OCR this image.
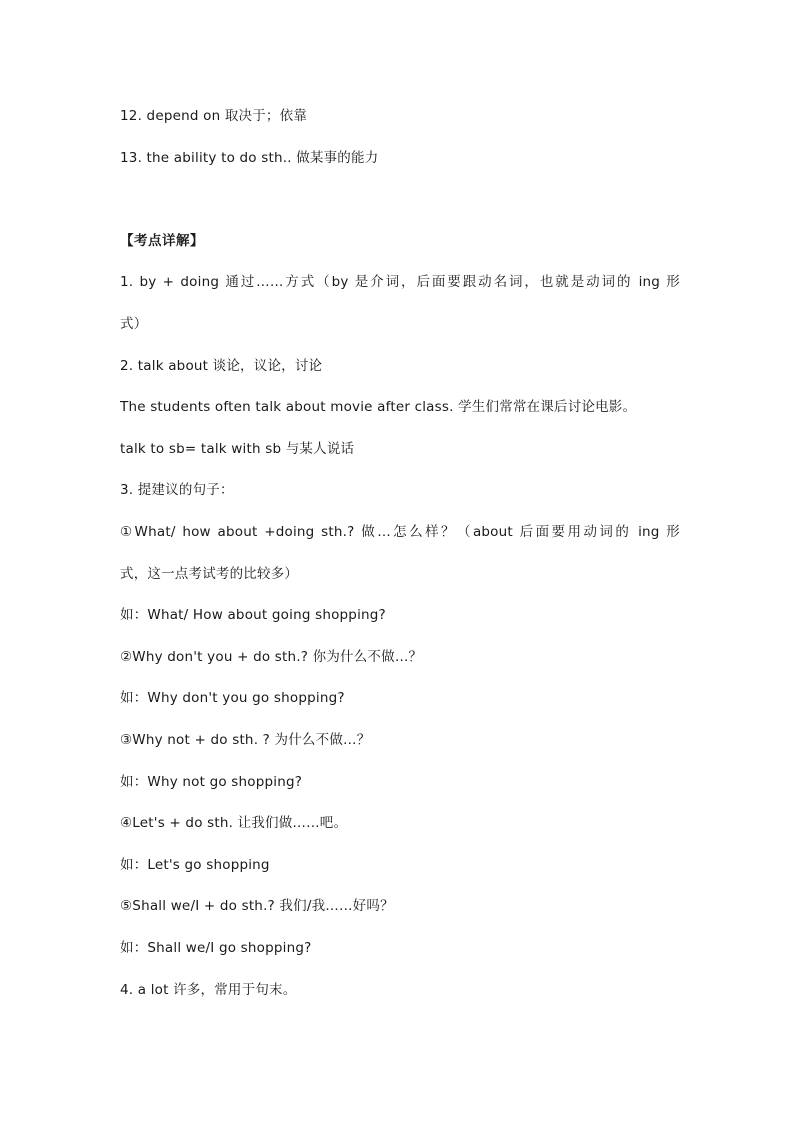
12. depend on 取决于；依靠
13. the ability to do sth.. 做某事的能力
【考点详解】
1. by + doing 通过……方式（by 是介词，后面要跟动名词，也就是动词的 ing 形
式）
2. talk about 谈论，议论，讨论
The students often talk about movie after class. 学生们常常在课后讨论电影。
talk to sb= talk with sb 与某人说话
3. 提建议的句子：
①What/ how about +doing sth.? 做…怎么样？（about 后面要用动词的 ing 形
式，这一点考试考的比较多）
如：What/ How about going shopping?
②Why don't you + do sth.? 你为什么不做…？
如：Why don't you go shopping?
③Why not + do sth. ? 为什么不做…？
如：Why not go shopping?
④Let's + do sth. 让我们做……吧。
如：Let's go shopping
⑤Shall we/I + do sth.? 我们/我……好吗？
如：Shall we/I go shopping?
4. a lot 许多，常用于句末。
